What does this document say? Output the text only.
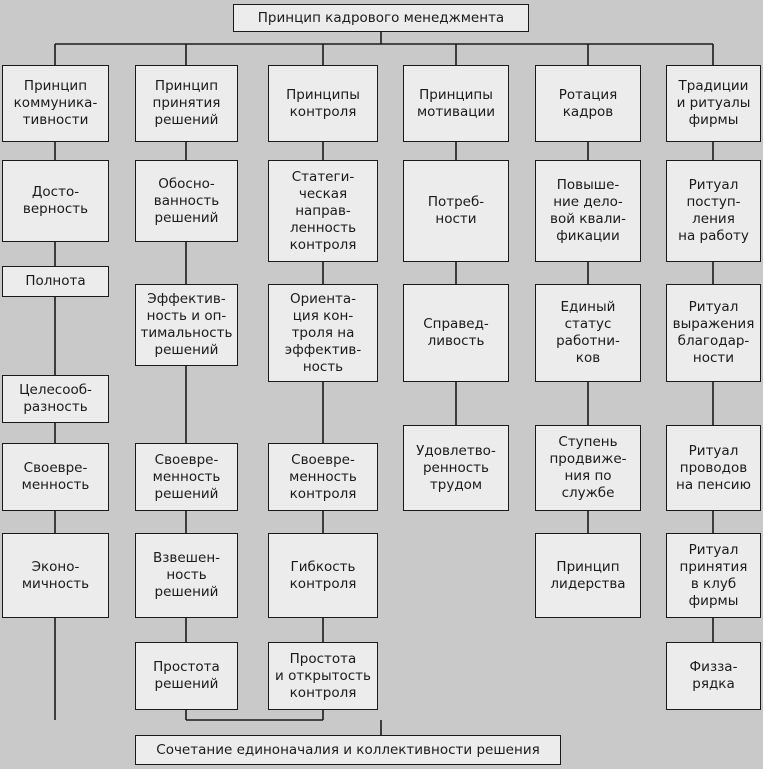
Принцип кадрового менеджмента
Принцип
коммуника-
тивности
Принцип
принятия
решений
Принципы
контроля
Принципы
мотивации
Ротация
кадров
Традиции
и ритуалы
фирмы
Досто-
верность
Полнота
Целесооб-
разность
Своевре-
менность
Эконо-
мичность
Обосно-
ванность
решений
Эффектив-
ность и оп-
тимальность
решений
Своевре-
менность
решений
Взвешен-
ность
решений
Простота
решений
Статеги-
ческая
направ-
ленность
контроля
Ориента-
ция кон-
троля на
эффектив-
ность
Своевре-
менность
контроля
Гибкость
контроля
Простота
и открытость
контроля
Потреб-
ности
Справед-
ливость
Удовлетво-
ренность
трудом
Повыше-
ние дело-
вой квали-
фикации
Единый
статус
работни-
ков
Ступень
продвиже-
ния по
службе
Принцип
лидерства
Ритуал
поступ-
ления
на работу
Ритуал
выражения
благодар-
ности
Ритуал
проводов
на пенсию
Ритуал
принятия
в клуб
фирмы
Физза-
рядка
Сочетание единоначалия и коллективности решения
